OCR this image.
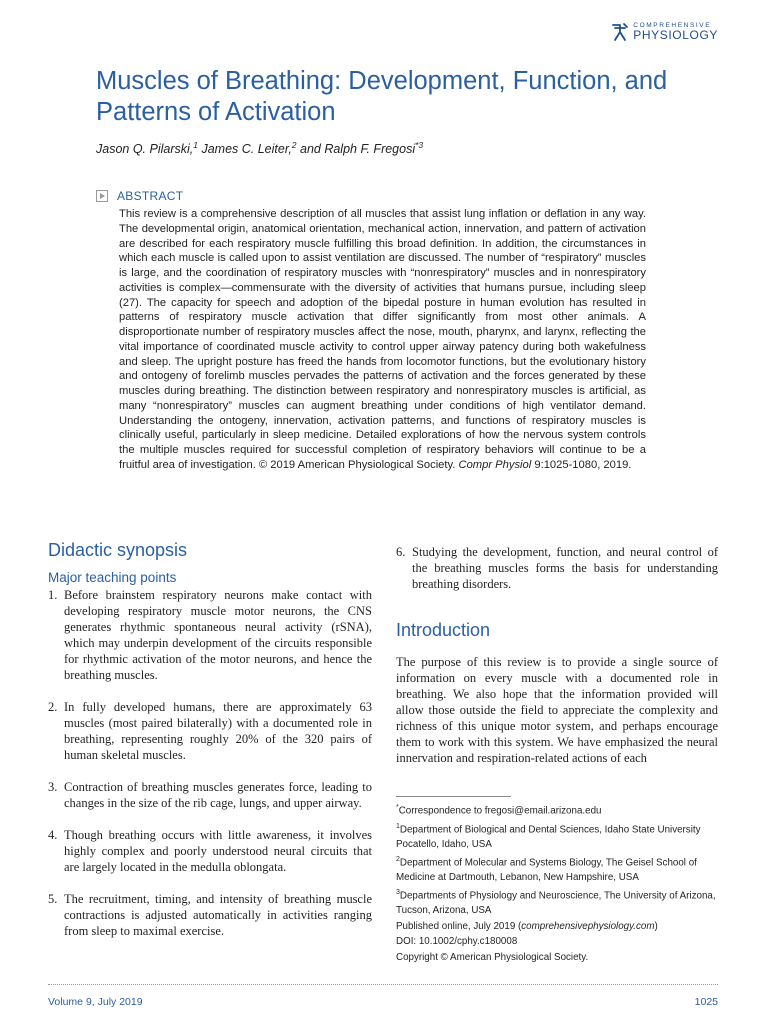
COMPREHENSIVE
PHYSIOLOGY
Muscles of Breathing: Development, Function, and Patterns of Activation
Jason Q. Pilarski,$^1$ James C. Leiter,$^2$ and Ralph F. Fregosi$^{*3}$
ABSTRACT

This review is a comprehensive description of all muscles that assist lung inflation or deflation in any way. The developmental origin, anatomical orientation, mechanical action, innervation, and pattern of activation are described for each respiratory muscle fulfilling this broad definition. In addition, the circumstances in which each muscle is called upon to assist ventilation are discussed. The number of “respiratory” muscles is large, and the coordination of respiratory muscles with “nonrespiratory” muscles and in nonrespiratory activities is complex—commensurate with the diversity of activities that humans pursue, including sleep (27). The capacity for speech and adoption of the bipedal posture in human evolution has resulted in patterns of respiratory muscle activation that differ significantly from most other animals. A disproportionate number of respiratory muscles affect the nose, mouth, pharynx, and larynx, reflecting the vital importance of coordinated muscle activity to control upper airway patency during both wakefulness and sleep. The upright posture has freed the hands from locomotor functions, but the evolutionary history and ontogeny of forelimb muscles pervades the patterns of activation and the forces generated by these muscles during breathing. The distinction between respiratory and nonrespiratory muscles is artificial, as many “nonrespiratory” muscles can augment breathing under conditions of high ventilator demand. Understanding the ontogeny, innervation, activation patterns, and functions of respiratory muscles is clinically useful, particularly in sleep medicine. Detailed explorations of how the nervous system controls the multiple muscles required for successful completion of respiratory behaviors will continue to be a fruitful area of investigation. © 2019 American Physiological Society. Compr Physiol 9:1025-1080, 2019.

Didactic synopsis
Major teaching points
1. Before brainstem respiratory neurons make contact with developing respiratory muscle motor neurons, the CNS generates rhythmic spontaneous neural activity (rSNA), which may underpin development of the circuits responsible for rhythmic activation of the motor neurons, and hence the breathing muscles.
2. In fully developed humans, there are approximately 63 muscles (most paired bilaterally) with a documented role in breathing, representing roughly 20% of the 320 pairs of human skeletal muscles.
3. Contraction of breathing muscles generates force, leading to changes in the size of the rib cage, lungs, and upper airway.
4. Though breathing occurs with little awareness, it involves highly complex and poorly understood neural circuits that are largely located in the medulla oblongata.
5. The recruitment, timing, and intensity of breathing muscle contractions is adjusted automatically in activities ranging from sleep to maximal exercise.
6. Studying the development, function, and neural control of the breathing muscles forms the basis for understanding breathing disorders.
Introduction

The purpose of this review is to provide a single source of information on every muscle with a documented role in breathing. We also hope that the information provided will allow those outside the field to appreciate the complexity and richness of this unique motor system, and perhaps encourage them to work with this system. We have emphasized the neural innervation and respiration-related actions of each

*Correspondence to fregosi@email.arizona.edu

$^1$Department of Biological and Dental Sciences, Idaho State University Pocatello, Idaho, USA

$^2$Department of Molecular and Systems Biology, The Geisel School of Medicine at Dartmouth, Lebanon, New Hampshire, USA

$^3$Departments of Physiology and Neuroscience, The University of Arizona, Tucson, Arizona, USA

Published online, July 2019 (comprehensivephysiology.com)

DOI: 10.1002/cphy.c180008

Copyright © American Physiological Society.

Volume 9, July 2019	1025
